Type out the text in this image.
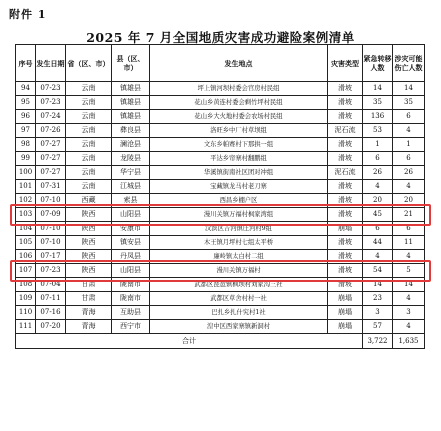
附件 1
2025 年 7 月全国地质灾害成功避险案例清单
序号	发生日期	省（区、市）	县（区、市）	发生地点	灾害类型	紧急转移人数	涉灾可能伤亡人数
94	07-23	云南	镇雄县	坪上镇河坝村委会官房村民组	滑坡	14	14
95	07-23	云南	镇雄县	花山乡黄连村委会剩竹坪村民组	滑坡	35	35
96	07-24	云南	镇雄县	花山乡大火地村委会农场村民组	滑坡	136	6
97	07-26	云南	彝良县	洛旺乡中厂村草坝组	泥石流	53	4
98	07-27	云南	澜沧县	文东乡帕赛村下那拱一组	滑坡	1	1
99	07-27	云南	龙陵县	平达乡帘寨村翻鹏组	滑坡	6	6
100	07-27	云南	华宁县	华溪镇街南社区团对冲组	泥石流	26	26
101	07-31	云南	江城县	宝藏镇龙马村老刀寨	滑坡	4	4
102	07-10	西藏	索县	西昌乡棚户区	滑坡	20	20
103	07-09	陕西	山阳县	漫川关镇万福村枫家湾组	滑坡	45	21
104	07-10	陕西	安康市	汉滨区吉河镇庄河村9组	崩塌	6	6
105	07-10	陕西	镇安县	木王镇月坪村七组太平桥	滑坡	44	11
106	07-17	陕西	丹凤县	廉岭镇太白村二组	滑坡	4	4
107	07-23	陕西	山阳县	漫川关镇万福村	滑坡	54	5
108	07-04	甘肃	陇南市	武都区琵琶镇枫坝村刘家沟三社	滑坡	14	14
109	07-11	甘肃	陇南市	武都区草舍村村一社	崩塌	23	4
110	07-16	青海	互助县	巴扎乡扎什究村1社	崩塌	3	3
111	07-20	青海	西宁市	湟中区西家寨镇新洞村	崩塌	57	4
合计						3,722	1,635
